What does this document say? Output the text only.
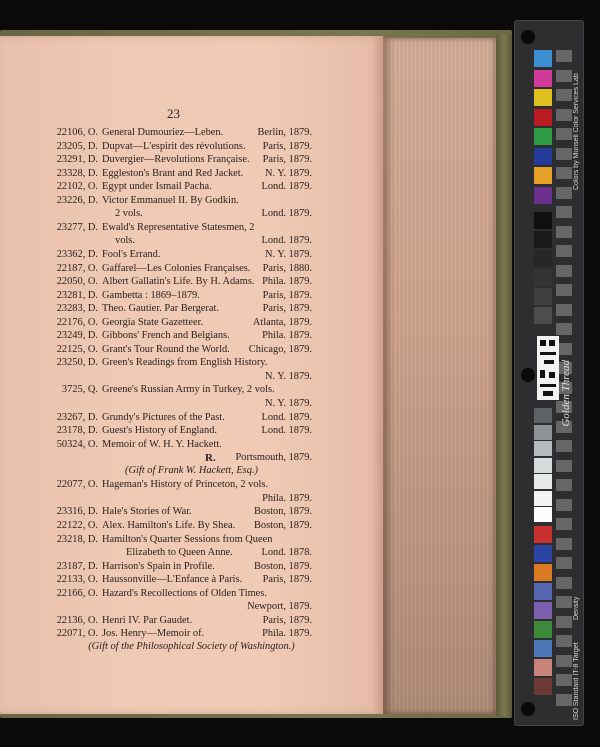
23
22106, O. General Dumouriez—Leben.	Berlin, 1879.
23205, D. Dupvat—L'espirit des révolutions. Paris, 1879.
23291, D. Duvergier—Revolutions Française. Paris, 1879.
23328, D. Eggleston's Brant and Red Jacket. N. Y. 1879.
22102, O. Egypt under Ismail Pacha.	Lond. 1879.
23226, D. Victor Emmanuel II. By Godkin.
2 vols.	Lond. 1879.
23277, D. Ewald's Representative Statesmen, 2
vols.	Lond. 1879.
23362, D. Fool's Errand.	N. Y. 1879.
22187, O. Gaffarel—Les Colonies Françaises. Paris, 1880.
22050, O. Albert Gallatin's Life. By H. Adams. Phila. 1879.
23281, D. Gambetta : 1869–1879.	Paris, 1879.
23283, D. Theo. Gautier. Par Bergerat.	Paris, 1879.
22176, O. Georgia State Gazetteer.	Atlanta, 1879.
23249, D. Gibbons' French and Belgians.	Phila. 1879.
22125, O. Grant's Tour Round the World. Chicago, 1879.
23250, D. Green's Readings from English History.
N. Y. 1879.
3725, Q. Greene's Russian Army in Turkey, 2 vols.
N. Y. 1879.
23267, D. Grundy's Pictures of the Past.	Lond. 1879.
23178, D. Guest's History of England.	Lond. 1879.
50324, O. Memoir of W. H. Y. Hackett.
Portsmouth, 1879.
R.
(Gift of Frank W. Hackett, Esq.)
22077, O. Hageman's History of Princeton, 2 vols.
Phila. 1879.
23316, D. Hale's Stories of War.	Boston, 1879.
22122, O. Alex. Hamilton's Life. By Shea. Boston, 1879.
23218, D. Hamilton's Quarter Sessions from Queen
Elizabeth to Queen Anne.	Lond. 1878.
23187, D. Harrison's Spain in Profile.	Boston, 1879.
22133, O. Haussonville—L'Enfance à Paris. Paris, 1879.
22166, O. Hazard's Recollections of Olden Times.
Newport, 1879.
22136, O. Henri IV. Par Gaudet.	Paris, 1879.
22071, O. Jos. Henry—Memoir of.	Phila. 1879.
(Gift of the Philosophical Society of Washington.)
Golden Thread
Colors by Munsell Color Services Lab
Density
ISO Standard IT-8 Target
